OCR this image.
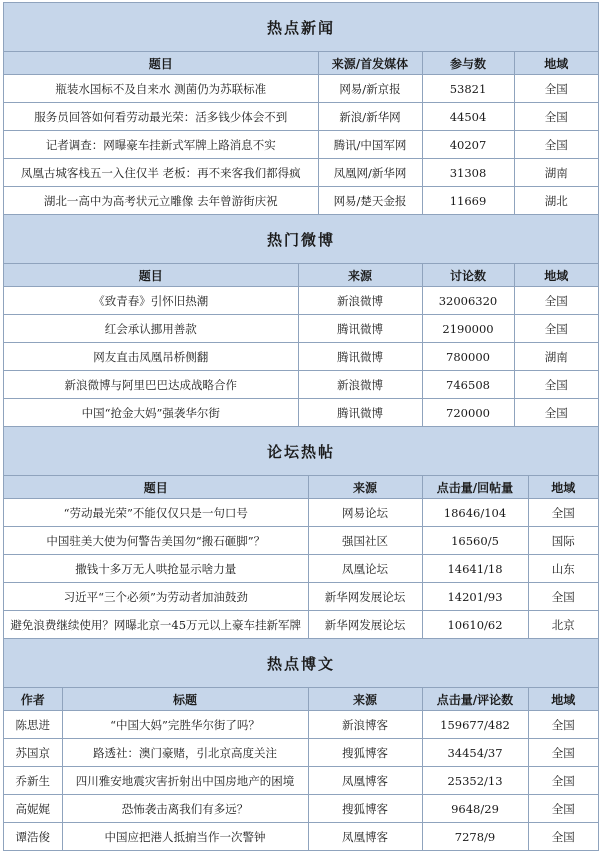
热点新闻
题目	来源/首发媒体	参与数	地域
瓶装水国标不及自来水 测菌仍为苏联标准	网易/新京报	53821	全国
服务员回答如何看劳动最光荣：活多钱少体会不到	新浪/新华网	44504	全国
记者调查：网曝豪车挂新式军牌上路消息不实	腾讯/中国军网	40207	全国
凤凰古城客栈五一入住仅半 老板：再不来客我们都得疯	凤凰网/新华网	31308	湖南
湖北一高中为高考状元立雕像 去年曾游街庆祝	网易/楚天金报	11669	湖北
热门微博
题目	来源	讨论数	地域
《致青春》引怀旧热潮	新浪微博	32006320	全国
红会承认挪用善款	腾讯微博	2190000	全国
网友直击凤凰吊桥侧翻	腾讯微博	780000	湖南
新浪微博与阿里巴巴达成战略合作	新浪微博	746508	全国
中国“抢金大妈”强袭华尔街	腾讯微博	720000	全国
论坛热帖
题目	来源	点击量/回帖量	地域
“劳动最光荣”不能仅仅只是一句口号	网易论坛	18646/104	全国
中国驻美大使为何警告美国勿“搬石砸脚”？	强国社区	16560/5	国际
撒钱十多万无人哄抢显示啥力量	凤凰论坛	14641/18	山东
习近平“三个必须”为劳动者加油鼓劲	新华网发展论坛	14201/93	全国
避免浪费继续使用？网曝北京一45万元以上豪车挂新军牌	新华网发展论坛	10610/62	北京
热点博文
作者	标题	来源	点击量/评论数	地域
陈思进	“中国大妈”完胜华尔街了吗？	新浪博客	159677/482	全国
苏国京	路透社：澳门豪赌，引北京高度关注	搜狐博客	34454/37	全国
乔新生	四川雅安地震灾害折射出中国房地产的困境	凤凰博客	25352/13	全国
高妮娓	恐怖袭击离我们有多远？	搜狐博客	9648/29	全国
谭浩俊	中国应把港人抵掮当作一次警钟	凤凰博客	7278/9	全国
